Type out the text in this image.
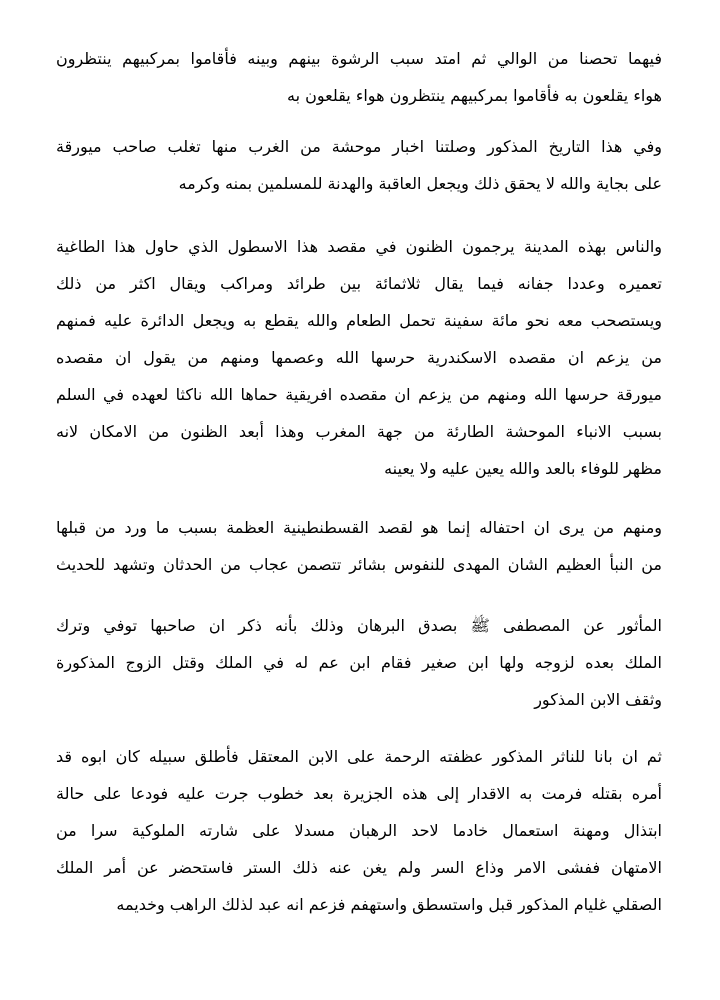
فيهما تحصنا من الوالي ثم امتد سبب الرشوة بينهم وبينه فأقاموا بمركبيهم ينتظرون
هواء يقلعون به فأقاموا بمركبيهم ينتظرون هواء يقلعون به
وفي هذا التاريخ المذكور وصلتنا اخبار موحشة من الغرب منها تغلب صاحب ميورقة
على بجاية والله لا يحقق ذلك ويجعل العاقبة والهدنة للمسلمين بمنه وكرمه
والناس بهذه المدينة يرجمون الظنون في مقصد هذا الاسطول الذي حاول هذا الطاغية
تعميره وعددا جفانه فيما يقال ثلاثمائة بين طرائد ومراكب ويقال اكثر من ذلك
ويستصحب معه نحو مائة سفينة تحمل الطعام والله يقطع به ويجعل الدائرة عليه فمنهم
من يزعم ان مقصده الاسكندرية حرسها الله وعصمها ومنهم من يقول ان مقصده
ميورقة حرسها الله ومنهم من يزعم ان مقصده افريقية حماها الله ناكثا لعهده في السلم
بسبب الانباء الموحشة الطارئة من جهة المغرب وهذا أبعد الظنون من الامكان لانه
مظهر للوفاء بالعد والله يعين عليه ولا يعينه
ومنهم من يرى ان احتفاله إنما هو لقصد القسطنطينية العظمة بسبب ما ورد من قبلها
من النبأ العظيم الشان المهدى للنفوس بشائر تتصمن عجاب من الحدثان وتشهد للحديث
المأثور عن المصطفى ﷺ بصدق البرهان وذلك بأنه ذكر ان صاحبها توفي وترك
الملك بعده لزوجه ولها ابن صغير فقام ابن عم له في الملك وقتل الزوج المذكورة
وثقف الابن المذكور
ثم ان بانا للناثر المذكور عظفته الرحمة على الابن المعتقل فأطلق سبيله كان ابوه قد
أمره بقتله فرمت به الاقدار إلى هذه الجزيرة بعد خطوب جرت عليه فودعا على حالة
ابتذال ومهنة استعمال خادما لاحد الرهبان مسدلا على شارته الملوكية سرا من
الامتهان ففشى الامر وذاع السر ولم يغن عنه ذلك الستر فاستحضر عن أمر الملك
الصقلي غليام المذكور قبل واستسطق واستهفم فزعم انه عبد لذلك الراهب وخديمه
